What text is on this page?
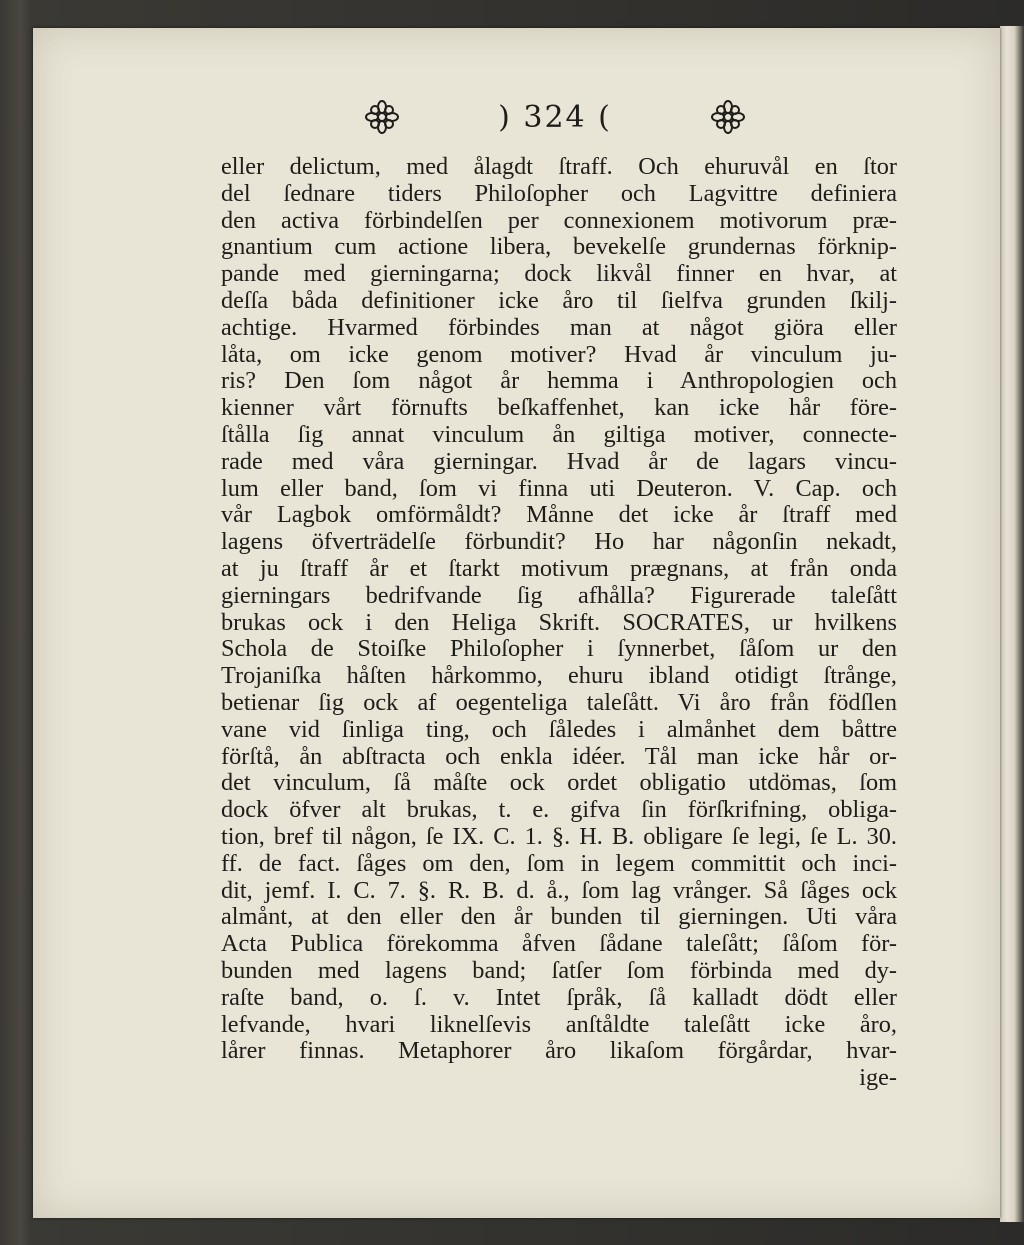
) 324 (
eller delictum, med ålagdt ſtraff. Och ehuruvål en ſtor
del ſednare tiders Philoſopher och Lagvittre definiera
den activa förbindelſen per connexionem motivorum præ-
gnantium cum actione libera, bevekelſe grundernas förknip-
pande med gierningarna; dock likvål finner en hvar, at
deſſa båda definitioner icke åro til ſielfva grunden ſkilj-
achtige. Hvarmed förbindes man at något giöra eller
låta, om icke genom motiver? Hvad år vinculum ju-
ris? Den ſom något år hemma i Anthropologien och
kienner vårt förnufts beſkaffenhet, kan icke hår före-
ſtålla ſig annat vinculum ån giltiga motiver, connecte-
rade med våra gierningar. Hvad år de lagars vincu-
lum eller band, ſom vi finna uti Deuteron. V. Cap. och
vår Lagbok omförmåldt? Månne det icke år ſtraff med
lagens öfverträdelſe förbundit? Ho har någonſin nekadt,
at ju ſtraff år et ſtarkt motivum prægnans, at från onda
gierningars bedrifvande ſig afhålla? Figurerade taleſått
brukas ock i den Heliga Skrift. SOCRATES, ur hvilkens
Schola de Stoiſke Philoſopher i ſynnerbet, ſåſom ur den
Trojaniſka håſten hårkommo, ehuru ibland otidigt ſtrånge,
betienar ſig ock af oegenteliga taleſått. Vi åro från födſlen
vane vid ſinliga ting, och ſåledes i almånhet dem båttre
förſtå, ån abſtracta och enkla idéer. Tål man icke hår or-
det vinculum, ſå måſte ock ordet obligatio utdömas, ſom
dock öfver alt brukas, t. e. gifva ſin förſkrifning, obliga-
tion, bref til någon, ſe IX. C. 1. §. H. B. obligare ſe legi, ſe L. 30.
ff. de fact. ſåges om den, ſom in legem committit och inci-
dit, jemf. I. C. 7. §. R. B. d. å., ſom lag vrånger. Så ſåges ock
almånt, at den eller den år bunden til gierningen. Uti våra
Acta Publica förekomma åfven ſådane taleſått; ſåſom för-
bunden med lagens band; ſatſer ſom förbinda med dy-
raſte band, o. ſ. v. Intet ſpråk, ſå kalladt dödt eller
lefvande, hvari liknelſevis anſtåldte taleſått icke åro,
lårer finnas. Metaphorer åro likaſom förgårdar, hvar-
ige-
